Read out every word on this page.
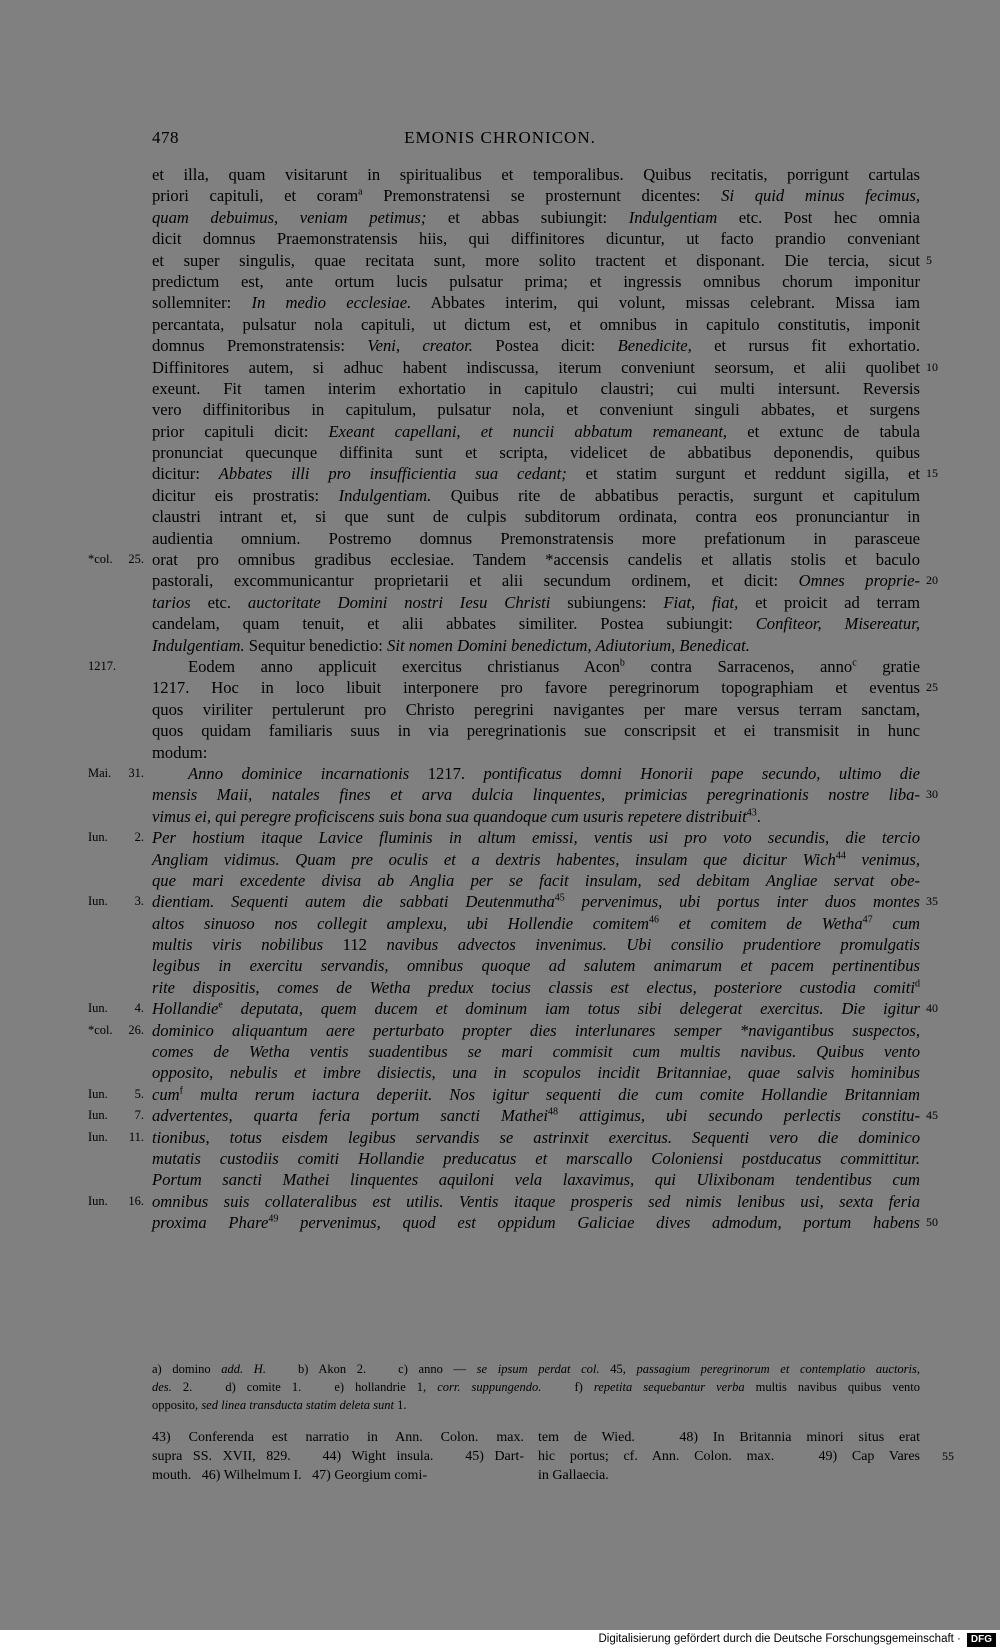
478	EMONIS CHRONICON.
et illa, quam visitarunt in spiritualibus et temporalibus. Quibus recitatis, porrigunt cartulas
priori capituli, et coram$^a$ Premonstratensi se prosternunt dicentes: Si quid minus fecimus,
quam debuimus, veniam petimus; et abbas subiungit: Indulgentiam etc. Post hec omnia
dicit domnus Praemonstratensis hiis, qui diffinitores dicuntur, ut facto prandio conveniant
et super singulis, quae recitata sunt, more solito tractent et disponant. Die tercia, sicut 5
predictum est, ante ortum lucis pulsatur prima; et ingressis omnibus chorum imponitur
sollemniter: In medio ecclesiae. Abbates interim, qui volunt, missas celebrant. Missa iam
percantata, pulsatur nola capituli, ut dictum est, et omnibus in capitulo constitutis, imponit
domnus Premonstratensis: Veni, creator. Postea dicit: Benedicite, et rursus fit exhortatio.
Diffinitores autem, si adhuc habent indiscussa, iterum conveniunt seorsum, et alii quolibet 10
exeunt. Fit tamen interim exhortatio in capitulo claustri; cui multi intersunt. Reversis
vero diffinitoribus in capitulum, pulsatur nola, et conveniunt singuli abbates, et surgens
prior capituli dicit: Exeant capellani, et nuncii abbatum remaneant, et extunc de tabula
pronunciat quecunque diffinita sunt et scripta, videlicet de abbatibus deponendis, quibus
dicitur: Abbates illi pro insufficientia sua cedant; et statim surgunt et reddunt sigilla, et 15
dicitur eis prostratis: Indulgentiam. Quibus rite de abbatibus peractis, surgunt et capitulum
claustri intrant et, si que sunt de culpis subditorum ordinata, contra eos pronunciantur in
audientia omnium. Postremo domnus Premonstratensis more prefationum in parasceue
orat pro omnibus gradibus ecclesiae. Tandem *accensis candelis et allatis stolis et baculo
*col. 25.
pastorali, excommunicantur proprietarii et alii secundum ordinem, et dicit: Omnes proprie- 20
tarios etc. auctoritate Domini nostri Iesu Christi subiungens: Fiat, fiat, et proicit ad terram
candelam, quam tenuit, et alii abbates similiter. Postea subiungit: Confiteor, Misereatur,
Indulgentiam. Sequitur benedictio: Sit nomen Domini benedictum, Adiutorium, Benedicat.
Eodem anno applicuit exercitus christianus Acon$^b$ contra Sarracenos, anno$^c$ gratie
1217.
1217. Hoc in loco libuit interponere pro favore peregrinorum topographiam et eventus 25
quos viriliter pertulerunt pro Christo peregrini navigantes per mare versus terram sanctam,
quos quidam familiaris suus in via peregrinationis sue conscripsit et ei transmisit in hunc
modum:
Anno dominice incarnationis 1217. pontificatus domni Honorii pape secundo, ultimo die
Mai. 31.
mensis Maii, natales fines et arva dulcia linquentes, primicias peregrinationis nostre liba- 30
vimus ei, qui peregre proficiscens suis bona sua quandoque cum usuris repetere distribuit$^{43}$.
Per hostium itaque Lavice fluminis in altum emissi, ventis usi pro voto secundis, die tercio
Iun. 2.
Angliam vidimus. Quam pre oculis et a dextris habentes, insulam que dicitur Wich$^{44}$ venimus,
que mari excedente divisa ab Anglia per se facit insulam, sed debitam Angliae servat obe-
dientiam. Sequenti autem die sabbati Deutenmutha$^{45}$ pervenimus, ubi portus inter duos montes
Iun. 3.	35
altos sinuoso nos collegit amplexu, ubi Hollendie comitem$^{46}$ et comitem de Wetha$^{47}$ cum
multis viris nobilibus 112 navibus advectos invenimus. Ubi consilio prudentiore promulgatis
legibus in exercitu servandis, omnibus quoque ad salutem animarum et pacem pertinentibus
rite dispositis, comes de Wetha predux tocius classis est electus, posteriore custodia comiti$^d$
Hollandie$^e$ deputata, quem ducem et dominum iam totus sibi delegerat exercitus. Die igitur
Iun. 4.	40
dominico aliquantum aere perturbato propter dies interlunares semper *navigantibus suspectos,
*col. 26.
comes de Wetha ventis suadentibus se mari commisit cum multis navibus. Quibus vento
opposito, nebulis et imbre disiectis, una in scopulos incidit Britanniae, quae salvis hominibus
cum$^f$ multa rerum iactura deperiit. Nos igitur sequenti die cum comite Hollandie Britanniam
Iun. 5.
advertentes, quarta feria portum sancti Mathei$^{48}$ attigimus, ubi secundo perlectis constitu-
Iun. 7.	45
tionibus, totus eisdem legibus servandis se astrinxit exercitus. Sequenti vero die dominico
Iun. 11.
mutatis custodiis comiti Hollandie preducatus et marscallo Coloniensi postducatus committitur.
Portum sancti Mathei linquentes aquiloni vela laxavimus, qui Ulixibonam tendentibus cum
omnibus suis collateralibus est utilis. Ventis itaque prosperis sed nimis lenibus usi, sexta feria
Iun. 16.
proxima Phare$^{49}$ pervenimus, quod est oppidum Galiciae dives admodum, portum habens 50
a) domino add. H.   b) Akon 2.   c) anno — se ipsum perdat col. 45, passagium peregrinorum et contemplatio auctoris,
des. 2.   d) comite 1.   e) hollandrie 1, corr. suppungendo.   f) repetita sequebantur verba multis navibus quibus vento
opposito, sed linea transducta statim deleta sunt 1.
43) Conferenda est narratio in Ann. Colon. max.
supra SS. XVII, 829.   44) Wight insula.   45) Dart-
mouth.   46) Wilhelmum I.   47) Georgium comi-
55
tem de Wied.   48) In Britannia minori situs erat
hic portus; cf. Ann. Colon. max.   49) Cap Vares
in Gallaecia.
Digitalisierung gefördert durch die Deutsche Forschungsgemeinschaft · DFG
